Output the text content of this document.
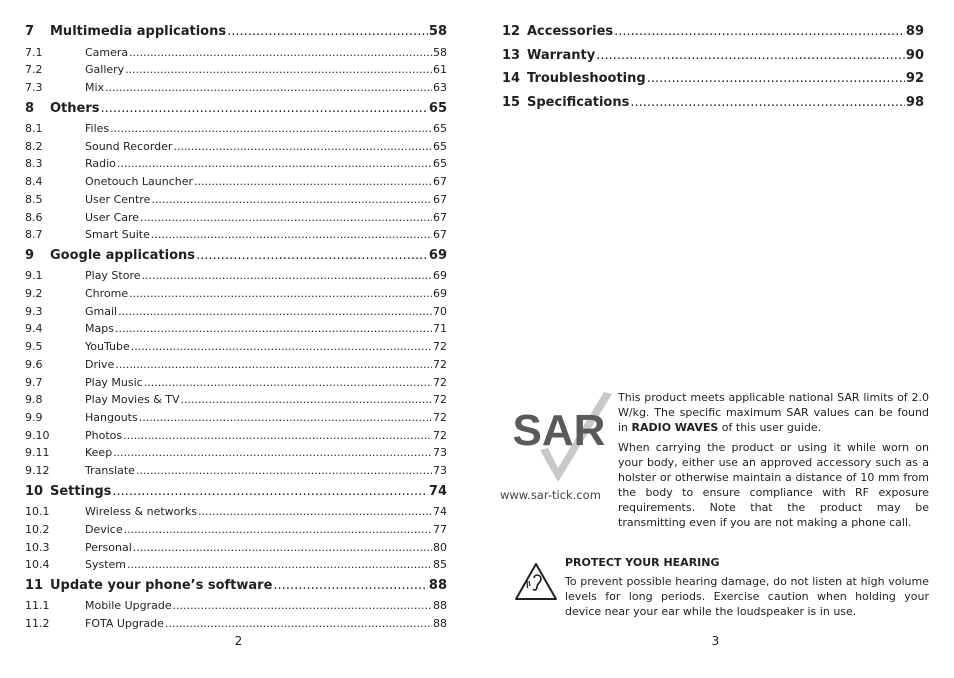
7	Multimedia applications .....	58
7.1	Camera .....	58
7.2	Gallery .....	61
7.3	Mix .....	63
8	Others .....	65
8.1	Files .....	65
8.2	Sound Recorder .....	65
8.3	Radio .....	65
8.4	Onetouch Launcher .....	67
8.5	User Centre .....	67
8.6	User Care .....	67
8.7	Smart Suite .....	67
9	Google applications .....	69
9.1	Play Store .....	69
9.2	Chrome .....	69
9.3	Gmail .....	70
9.4	Maps .....	71
9.5	YouTube .....	72
9.6	Drive .....	72
9.7	Play Music .....	72
9.8	Play Movies & TV .....	72
9.9	Hangouts .....	72
9.10	Photos .....	72
9.11	Keep .....	73
9.12	Translate .....	73
10 Settings .....	74
10.1	Wireless & networks .....	74
10.2	Device .....	77
10.3	Personal .....	80
10.4	System .....	85
11 Update your phone’s software .....	88
11.1	Mobile Upgrade .....	88
11.2	FOTA Upgrade .....	88
2
12 Accessories .....	89
13 Warranty .....	90
14 Troubleshooting .....	92
15 Specifications .....	98
SAR
www.sar-tick.com

This product meets applicable national SAR limits of 2.0 W/kg. The specific maximum SAR values can be found in RADIO WAVES of this user guide.

When carrying the product or using it while worn on your body, either use an approved accessory such as a holster or otherwise maintain a distance of 10 mm from the body to ensure compliance with RF exposure requirements. Note that the product may be transmitting even if you are not making a phone call.

PROTECT YOUR HEARING
To prevent possible hearing damage, do not listen at high volume levels for long periods. Exercise caution when holding your device near your ear while the loudspeaker is in use.
3
